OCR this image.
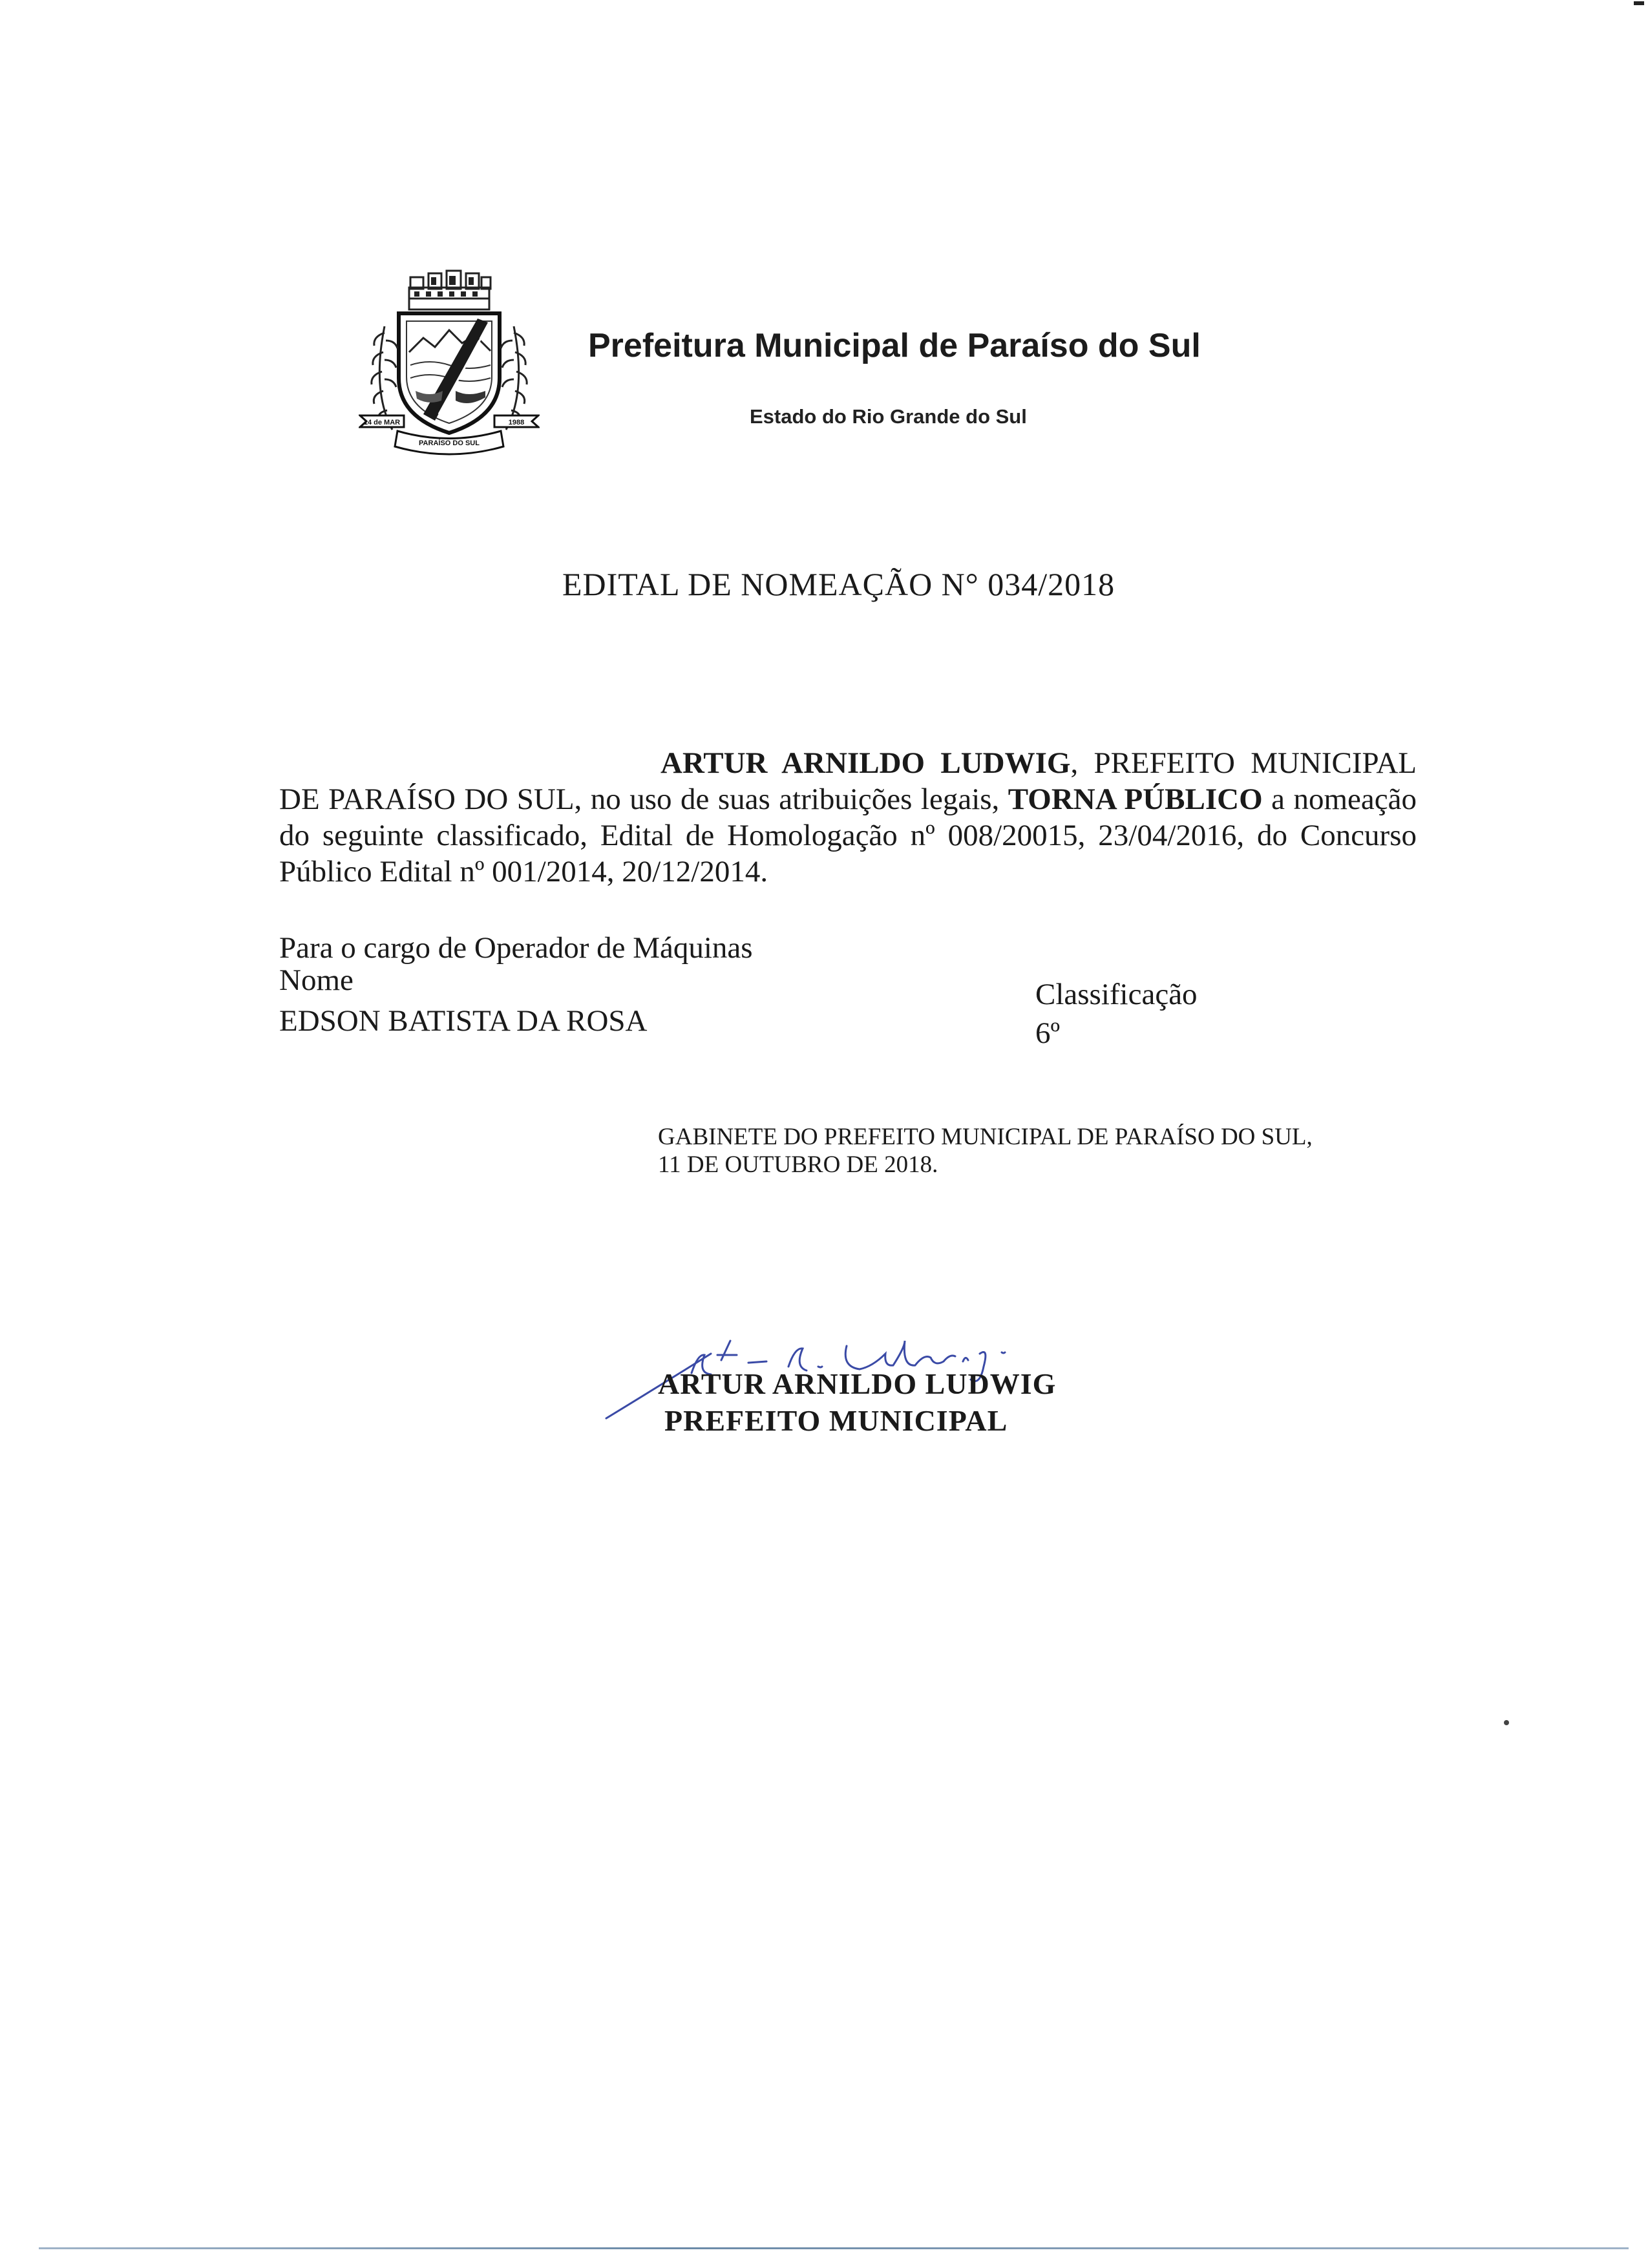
14 de MAR	1988
PARAÍSO DO SUL
Prefeitura Municipal de Paraíso do Sul
Estado do Rio Grande do Sul
EDITAL DE NOMEAÇÃO N° 034/2018
ARTUR ARNILDO LUDWIG, PREFEITO MUNICIPAL DE PARAÍSO DO SUL, no uso de suas atribuições legais, TORNA PÚBLICO a nomeação do seguinte classificado, Edital de Homologação nº 008/20015, 23/04/2016, do Concurso Público Edital nº 001/2014, 20/12/2014.
Para o cargo de Operador de Máquinas
Nome
EDSON BATISTA DA ROSA
Classificação
6º
GABINETE DO PREFEITO MUNICIPAL DE PARAÍSO DO SUL,
11 DE OUTUBRO DE 2018.
ARTUR ARNILDO LUDWIG
PREFEITO MUNICIPAL
